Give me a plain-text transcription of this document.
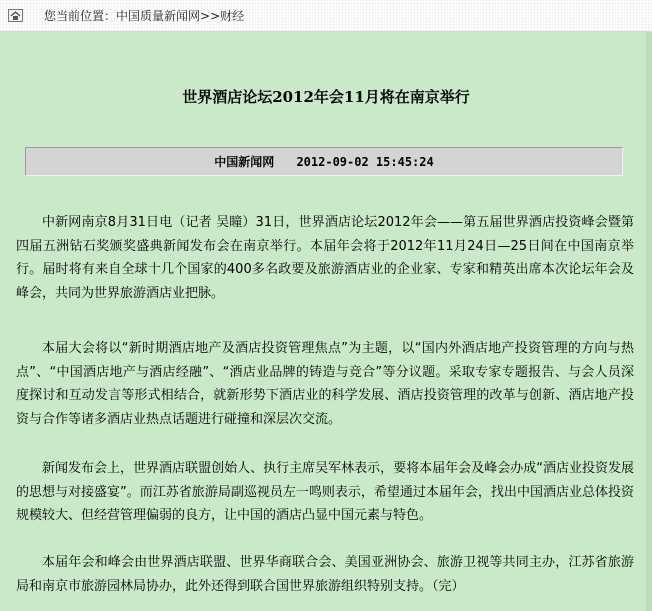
您当前位置：中国质量新闻网>>财经
世界酒店论坛2012年会11月将在南京举行
中国新闻网 2012-09-02 15:45:24

中新网南京8月31日电（记者 吴瞳）31日，世界酒店论坛2012年会——第五届世界酒店投资峰会暨第四届五洲钻石奖颁奖盛典新闻发布会在南京举行。本届年会将于2012年11月24日—25日间在中国南京举行。届时将有来自全球十几个国家的400多名政要及旅游酒店业的企业家、专家和精英出席本次论坛年会及峰会，共同为世界旅游酒店业把脉。

本届大会将以“新时期酒店地产及酒店投资管理焦点”为主题，以“国内外酒店地产投资管理的方向与热点”、“中国酒店地产与酒店经融”、“酒店业品牌的铸造与竞合”等分议题。采取专家专题报告、与会人员深度探讨和互动发言等形式相结合，就新形势下酒店业的科学发展、酒店投资管理的改革与创新、酒店地产投资与合作等诸多酒店业热点话题进行碰撞和深层次交流。

新闻发布会上，世界酒店联盟创始人、执行主席吴军林表示，要将本届年会及峰会办成“酒店业投资发展的思想与对接盛宴”。而江苏省旅游局副巡视员左一鸣则表示，希望通过本届年会，找出中国酒店业总体投资规模较大、但经营管理偏弱的良方，让中国的酒店凸显中国元素与特色。

本届年会和峰会由世界酒店联盟、世界华商联合会、美国亚洲协会、旅游卫视等共同主办，江苏省旅游局和南京市旅游园林局协办，此外还得到联合国世界旅游组织特别支持。（完）
